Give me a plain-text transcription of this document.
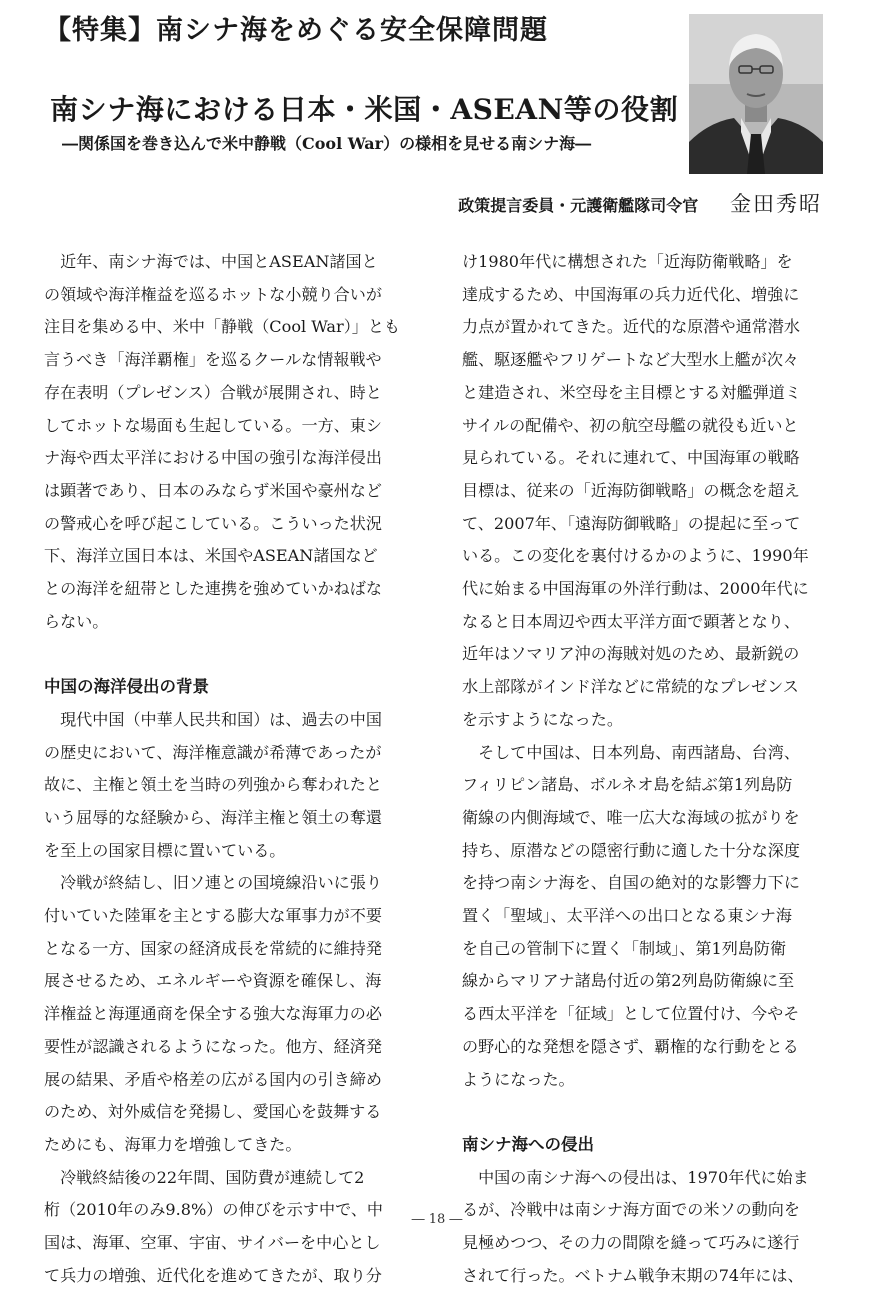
【特集】南シナ海をめぐる安全保障問題
南シナ海における日本・米国・ASEAN等の役割
―関係国を巻き込んで米中静戦（Cool War）の様相を見せる南シナ海―
政策提言委員・元護衛艦隊司令官 金田秀昭

　近年、南シナ海では、中国とASEAN諸国と

の領域や海洋権益を巡るホットな小競り合いが

注目を集める中、米中「静戦（Cool War）」とも

言うべき「海洋覇権」を巡るクールな情報戦や

存在表明（プレゼンス）合戦が展開され、時と

してホットな場面も生起している。一方、東シ

ナ海や西太平洋における中国の強引な海洋侵出

は顕著であり、日本のみならず米国や豪州など

の警戒心を呼び起こしている。こういった状況

下、海洋立国日本は、米国やASEAN諸国など

との海洋を紐帯とした連携を強めていかねばな

らない。

中国の海洋侵出の背景

　現代中国（中華人民共和国）は、過去の中国

の歴史において、海洋権意識が希薄であったが

故に、主権と領土を当時の列強から奪われたと

いう屈辱的な経験から、海洋主権と領土の奪還

を至上の国家目標に置いている。

　冷戦が終結し、旧ソ連との国境線沿いに張り

付いていた陸軍を主とする膨大な軍事力が不要

となる一方、国家の経済成長を常続的に維持発

展させるため、エネルギーや資源を確保し、海

洋権益と海運通商を保全する強大な海軍力の必

要性が認識されるようになった。他方、経済発

展の結果、矛盾や格差の広がる国内の引き締め

のため、対外威信を発揚し、愛国心を鼓舞する

ためにも、海軍力を増強してきた。

　冷戦終結後の22年間、国防費が連続して2

桁（2010年のみ9.8%）の伸びを示す中で、中

国は、海軍、空軍、宇宙、サイバーを中心とし

て兵力の増強、近代化を進めてきたが、取り分

け1980年代に構想された「近海防衛戦略」を

達成するため、中国海軍の兵力近代化、増強に

力点が置かれてきた。近代的な原潜や通常潜水

艦、駆逐艦やフリゲートなど大型水上艦が次々

と建造され、米空母を主目標とする対艦弾道ミ

サイルの配備や、初の航空母艦の就役も近いと

見られている。それに連れて、中国海軍の戦略

目標は、従来の「近海防御戦略」の概念を超え

て、2007年、「遠海防御戦略」の提起に至って

いる。この変化を裏付けるかのように、1990年

代に始まる中国海軍の外洋行動は、2000年代に

なると日本周辺や西太平洋方面で顕著となり、

近年はソマリア沖の海賊対処のため、最新鋭の

水上部隊がインド洋などに常続的なプレゼンス

を示すようになった。

　そして中国は、日本列島、南西諸島、台湾、

フィリピン諸島、ボルネオ島を結ぶ第1列島防

衛線の内側海域で、唯一広大な海域の拡がりを

持ち、原潜などの隠密行動に適した十分な深度

を持つ南シナ海を、自国の絶対的な影響力下に

置く「聖域」、太平洋への出口となる東シナ海

を自己の管制下に置く「制域」、第1列島防衛

線からマリアナ諸島付近の第2列島防衛線に至

る西太平洋を「征域」として位置付け、今やそ

の野心的な発想を隠さず、覇権的な行動をとる

ようになった。

南シナ海への侵出

　中国の南シナ海への侵出は、1970年代に始ま

るが、冷戦中は南シナ海方面での米ソの動向を

見極めつつ、その力の間隙を縫って巧みに遂行

されて行った。ベトナム戦争末期の74年には、

― 18 ―
